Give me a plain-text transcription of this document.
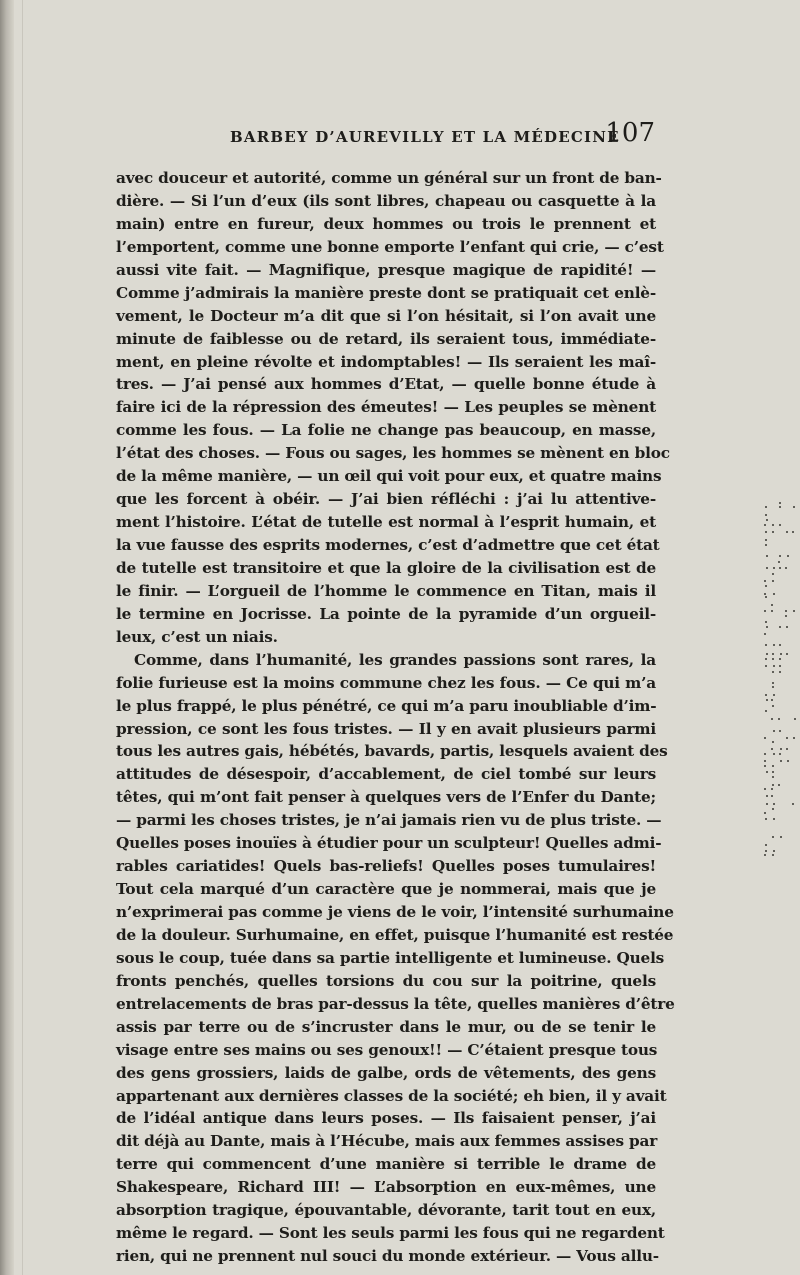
BARBEY D’AUREVILLY ET LA MÉDECINE
107
avec douceur et autorité, comme un général sur un front de ban-
dière. — Si l’un d’eux (ils sont libres, chapeau ou casquette à la
main) entre en fureur, deux hommes ou trois le prennent et
l’emportent, comme une bonne emporte l’enfant qui crie, — c’est
aussi vite fait. — Magnifique, presque magique de rapidité! —
Comme j’admirais la manière preste dont se pratiquait cet enlè-
vement, le Docteur m’a dit que si l’on hésitait, si l’on avait une
minute de faiblesse ou de retard, ils seraient tous, immédiate-
ment, en pleine révolte et indomptables! — Ils seraient les maî-
tres. — J’ai pensé aux hommes d’Etat, — quelle bonne étude à
faire ici de la répression des émeutes! — Les peuples se mènent
comme les fous. — La folie ne change pas beaucoup, en masse,
l’état des choses. — Fous ou sages, les hommes se mènent en bloc
de la même manière, — un œil qui voit pour eux, et quatre mains
que les forcent à obéir. — J’ai bien réfléchi : j’ai lu attentive-
ment l’histoire. L’état de tutelle est normal à l’esprit humain, et
la vue fausse des esprits modernes, c’est d’admettre que cet état
de tutelle est transitoire et que la gloire de la civilisation est de
le finir. — L’orgueil de l’homme le commence en Titan, mais il
le termine en Jocrisse. La pointe de la pyramide d’un orgueil-
leux, c’est un niais.
Comme, dans l’humanité, les grandes passions sont rares, la
folie furieuse est la moins commune chez les fous. — Ce qui m’a
le plus frappé, le plus pénétré, ce qui m’a paru inoubliable d’im-
pression, ce sont les fous tristes. — Il y en avait plusieurs parmi
tous les autres gais, hébétés, bavards, partis, lesquels avaient des
attitudes de désespoir, d’accablement, de ciel tombé sur leurs
têtes, qui m’ont fait penser à quelques vers de l’Enfer du Dante;
— parmi les choses tristes, je n’ai jamais rien vu de plus triste. —
Quelles poses inouïes à étudier pour un sculpteur! Quelles admi-
rables cariatides! Quels bas-reliefs! Quelles poses tumulaires!
Tout cela marqué d’un caractère que je nommerai, mais que je
n’exprimerai pas comme je viens de le voir, l’intensité surhumaine
de la douleur. Surhumaine, en effet, puisque l’humanité est restée
sous le coup, tuée dans sa partie intelligente et lumineuse. Quels
fronts penchés, quelles torsions du cou sur la poitrine, quels
entrelacements de bras par-dessus la tête, quelles manières d’être
assis par terre ou de s’incruster dans le mur, ou de se tenir le
visage entre ses mains ou ses genoux!! — C’étaient presque tous
des gens grossiers, laids de galbe, ords de vêtements, des gens
appartenant aux dernières classes de la société; eh bien, il y avait
de l’idéal antique dans leurs poses. — Ils faisaient penser, j’ai
dit déjà au Dante, mais à l’Hécube, mais aux femmes assises par
terre qui commencent d’une manière si terrible le drame de
Shakespeare, Richard III! — L’absorption en eux-mêmes, une
absorption tragique, épouvantable, dévorante, tarit tout en eux,
même le regard. — Sont les seuls parmi les fous qui ne regardent
rien, qui ne prennent nul souci du monde extérieur. — Vous allu-
